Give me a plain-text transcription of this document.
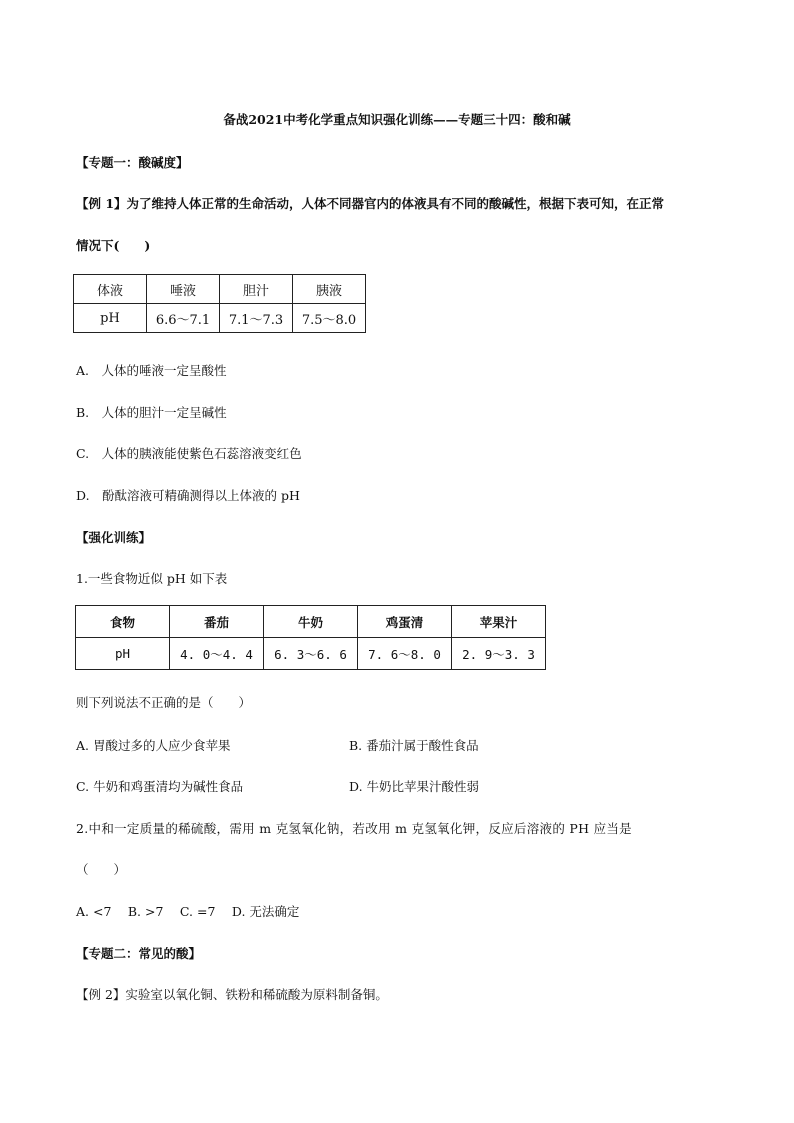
备战2021中考化学重点知识强化训练——专题三十四：酸和碱
【专题一：酸碱度】
【例 1】为了维持人体正常的生命活动，人体不同器官内的体液具有不同的酸碱性，根据下表可知，在正常
情况下(　　)
体液	唾液	胆汁	胰液
pH	6.6～7.1	7.1～7.3	7.5～8.0
A.　人体的唾液一定呈酸性
B.　人体的胆汁一定呈碱性
C.　人体的胰液能使紫色石蕊溶液变红色
D.　酚酞溶液可精确测得以上体液的 pH
【强化训练】
1.一些食物近似 pH 如下表
食物	番茄	牛奶	鸡蛋清	苹果汁
pH	4. 0～4. 4	6. 3～6. 6	7. 6～8. 0	2. 9～3. 3
则下列说法不正确的是（　　）
A. 胃酸过多的人应少食苹果	B. 番茄汁属于酸性食品
C. 牛奶和鸡蛋清均为碱性食品	D. 牛奶比苹果汁酸性弱
2.中和一定质量的稀硫酸，需用 m 克氢氧化钠，若改用 m 克氢氧化钾，反应后溶液的 PH 应当是
（　　）
A. <7　 B. >7　 C. =7　 D. 无法确定
【专题二：常见的酸】
【例 2】实验室以氧化铜、铁粉和稀硫酸为原料制备铜。
